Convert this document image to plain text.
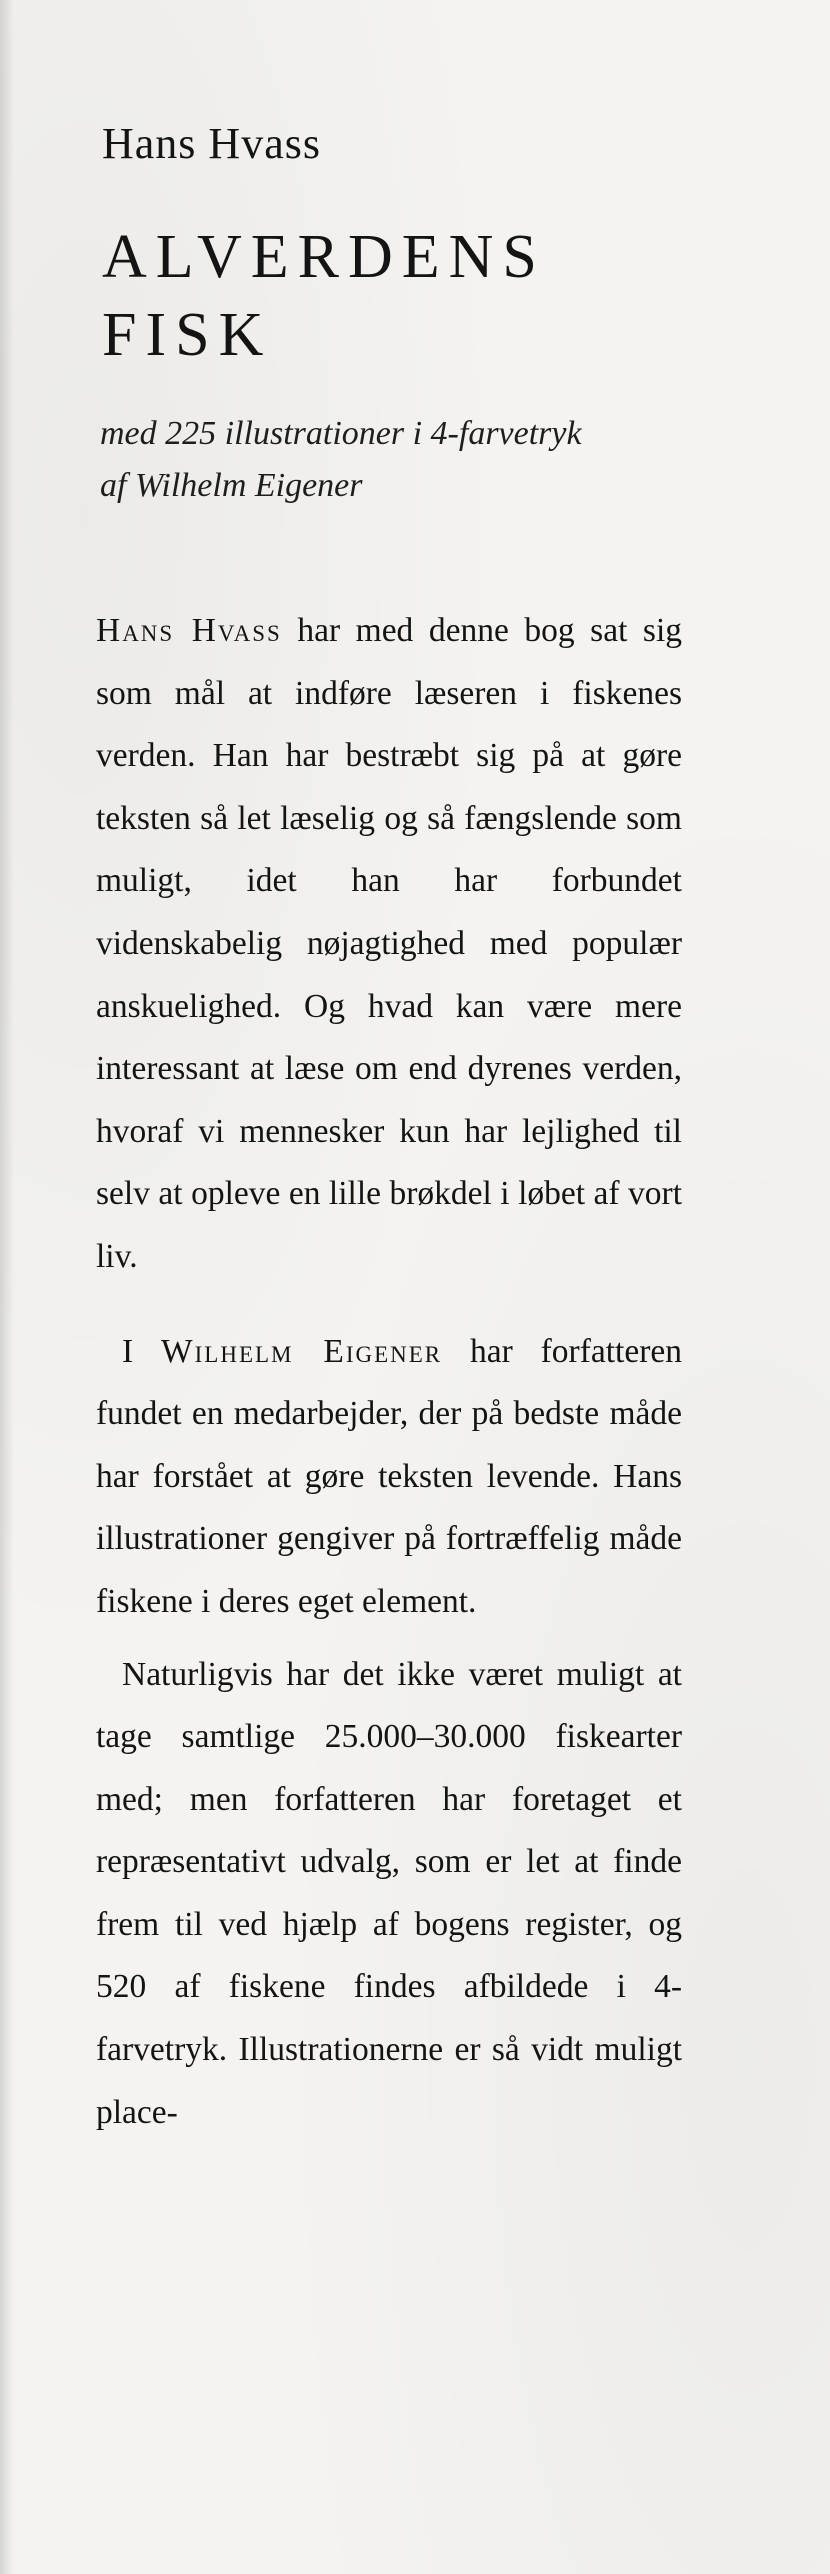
Hans Hvass
ALVERDENS
FISK

med 225 illustrationer i 4-farvetryk
af Wilhelm Eigener

Hans Hvass har med denne bog sat sig som mål at indføre læseren i fiskenes verden. Han har bestræbt sig på at gøre teksten så let læselig og så fængslende som muligt, idet han har forbundet videnskabelig nøjagtighed med populær anskuelighed. Og hvad kan være mere interessant at læse om end dyrenes verden, hvoraf vi mennesker kun har lejlighed til selv at opleve en lille brøkdel i løbet af vort liv.

I Wilhelm Eigener har forfatteren fundet en medarbejder, der på bedste måde har forstået at gøre teksten levende. Hans illustrationer gengiver på fortræffelig måde fiskene i deres eget element.

Naturligvis har det ikke været muligt at tage samtlige 25.000–30.000 fiskearter med; men forfatteren har foretaget et repræsentativt udvalg, som er let at finde frem til ved hjælp af bogens register, og 520 af fiskene findes afbildede i 4-farvetryk. Illustrationerne er så vidt muligt place-
